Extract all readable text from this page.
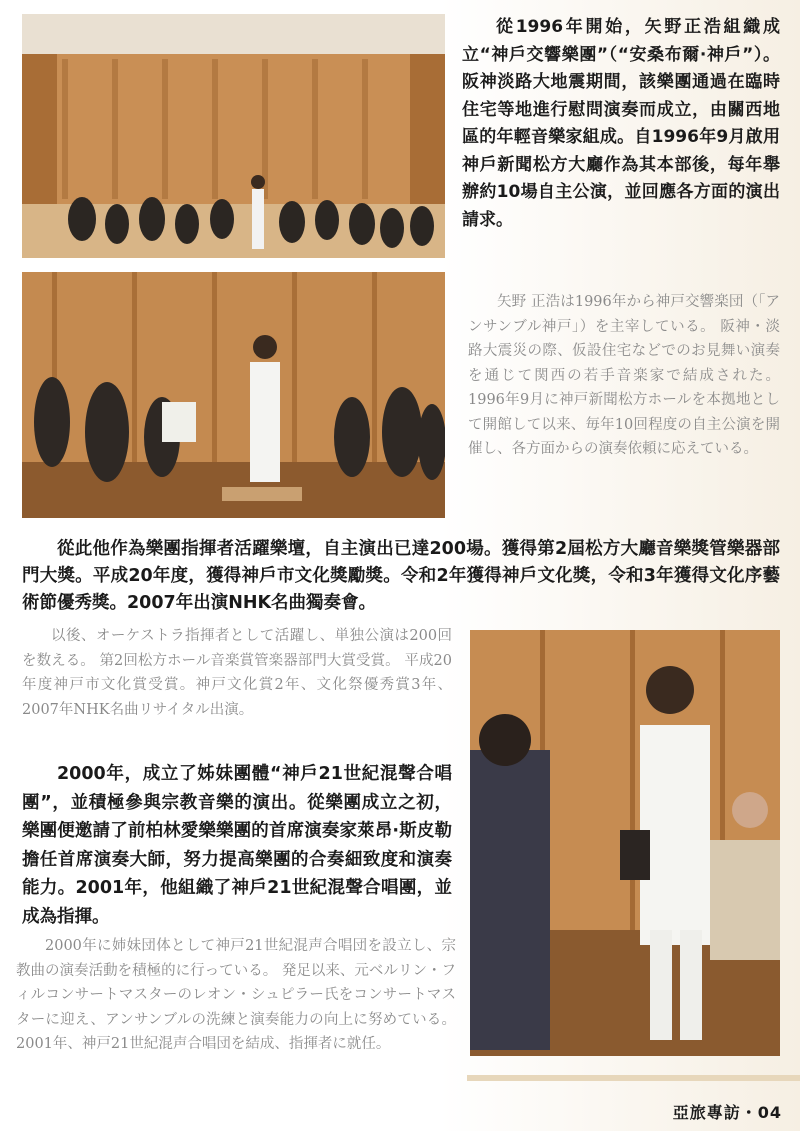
從1996年開始，矢野正浩組織成立“神戶交響樂團”（“安桑布爾·神戶”）。阪神淡路大地震期間，該樂團通過在臨時住宅等地進行慰問演奏而成立，由關西地區的年輕音樂家組成。自1996年9月啟用神戶新聞松方大廳作為其本部後，每年舉辦約10場自主公演，並回應各方面的演出請求。

矢野 正浩は1996年から神戸交響楽団（「アンサンブル神戸」）を主宰している。 阪神・淡路大震災の際、仮設住宅などでのお見舞い演奏を通じて関西の若手音楽家で結成された。 1996年9月に神戸新聞松方ホールを本拠地として開館して以来、毎年10回程度の自主公演を開催し、各方面からの演奏依頼に応えている。

從此他作為樂團指揮者活躍樂壇，自主演出已達200場。獲得第2屆松方大廳音樂獎管樂器部門大獎。平成20年度，獲得神戶市文化獎勵獎。令和2年獲得神戶文化獎，令和3年獲得文化序藝術節優秀獎。2007年出演NHK名曲獨奏會。

以後、オーケストラ指揮者として活躍し、単独公演は200回を数える。 第2回松方ホール音楽賞管楽器部門大賞受賞。 平成20年度神戸市文化賞受賞。神戸文化賞2年、文化祭優秀賞3年、2007年NHK名曲リサイタル出演。

2000年，成立了姊妹團體“神戶21世紀混聲合唱團”，並積極參與宗教音樂的演出。從樂團成立之初，樂團便邀請了前柏林愛樂樂團的首席演奏家萊昂·斯皮勒擔任首席演奏大師，努力提高樂團的合奏細致度和演奏能力。2001年，他組織了神戶21世紀混聲合唱團，並成為指揮。

2000年に姉妹団体として神戸21世紀混声合唱団を設立し、宗教曲の演奏活動を積極的に行っている。 発足以来、元ベルリン・フィルコンサートマスターのレオン・シュピラー氏をコンサートマスターに迎え、アンサンブルの洗練と演奏能力の向上に努めている。2001年、神戸21世紀混声合唱団を結成、指揮者に就任。

亞旅專訪・04
